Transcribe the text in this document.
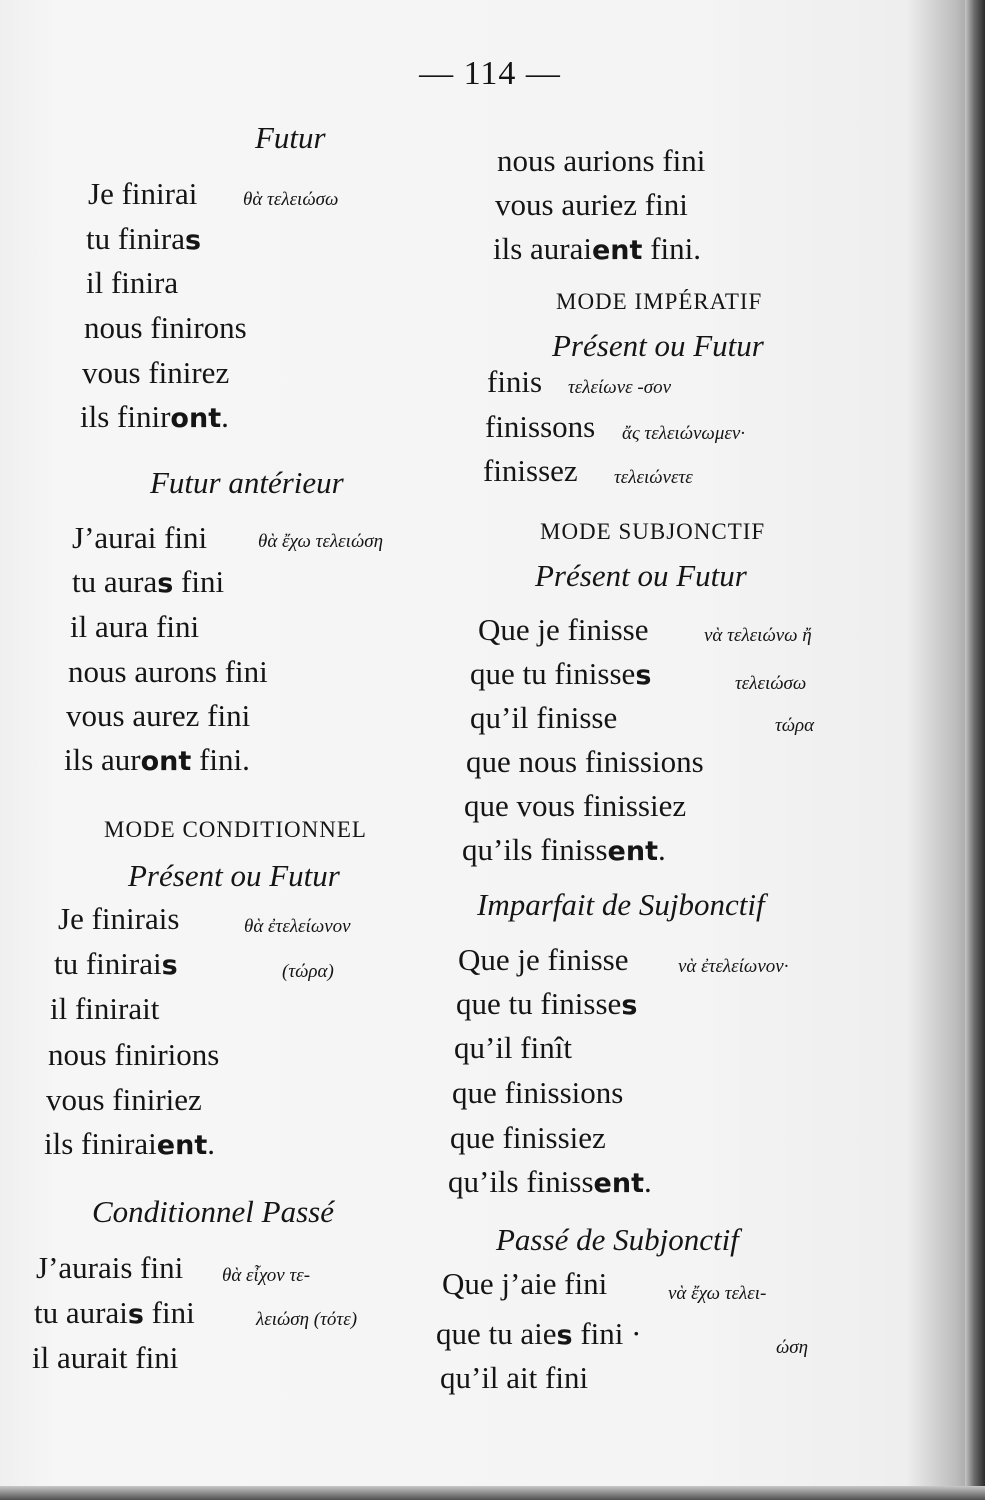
— 114 —
Futur
Je finirai θὰ τελειώσω
tu finiras
il finira
nous finirons
vous finirez
ils finiront.
Futur antérieur
J’aurai fini	θὰ ἔχω τελειώση
tu auras fini
il aura fini
nous aurons fini
vous aurez fini
ils auront fini.
MODE CONDITIONNEL
Présent ou Futur
Je finirais	θὰ ἐτελείωνον
tu finirais	(τώρα)
il finirait
nous finirions
vous finiriez
ils finiraient.
Conditionnel Passé
J’aurais fini θὰ εἶχον τε-
tu aurais fini	λειώση (τότε)
il aurait fini
nous aurions fini
vous auriez fini
ils auraient fini.
MODE IMPÉRATIF
Présent ou Futur
finis τελείωνε -σον
finissons ἄς τελειώνωμεν·
finissez τελειώνετε
MODE SUBJONCTIF
Présent ou Futur
Que je finisse	νὰ τελειώνω ἤ
que tu finisses	τελειώσω
qu’il finisse	τώρα
que nous finissions
que vous finissiez
qu’ils finissent.
Imparfait de Sujbonctif
Que je finisse	νὰ ἐτελείωνον·
que tu finisses
qu’il finît
que finissions
que finissiez
qu’ils finissent.
Passé de Subjonctif
Que j’aie fini	νὰ ἔχω τελει-
que tu aies fini ·	ώση
qu’il ait fini
